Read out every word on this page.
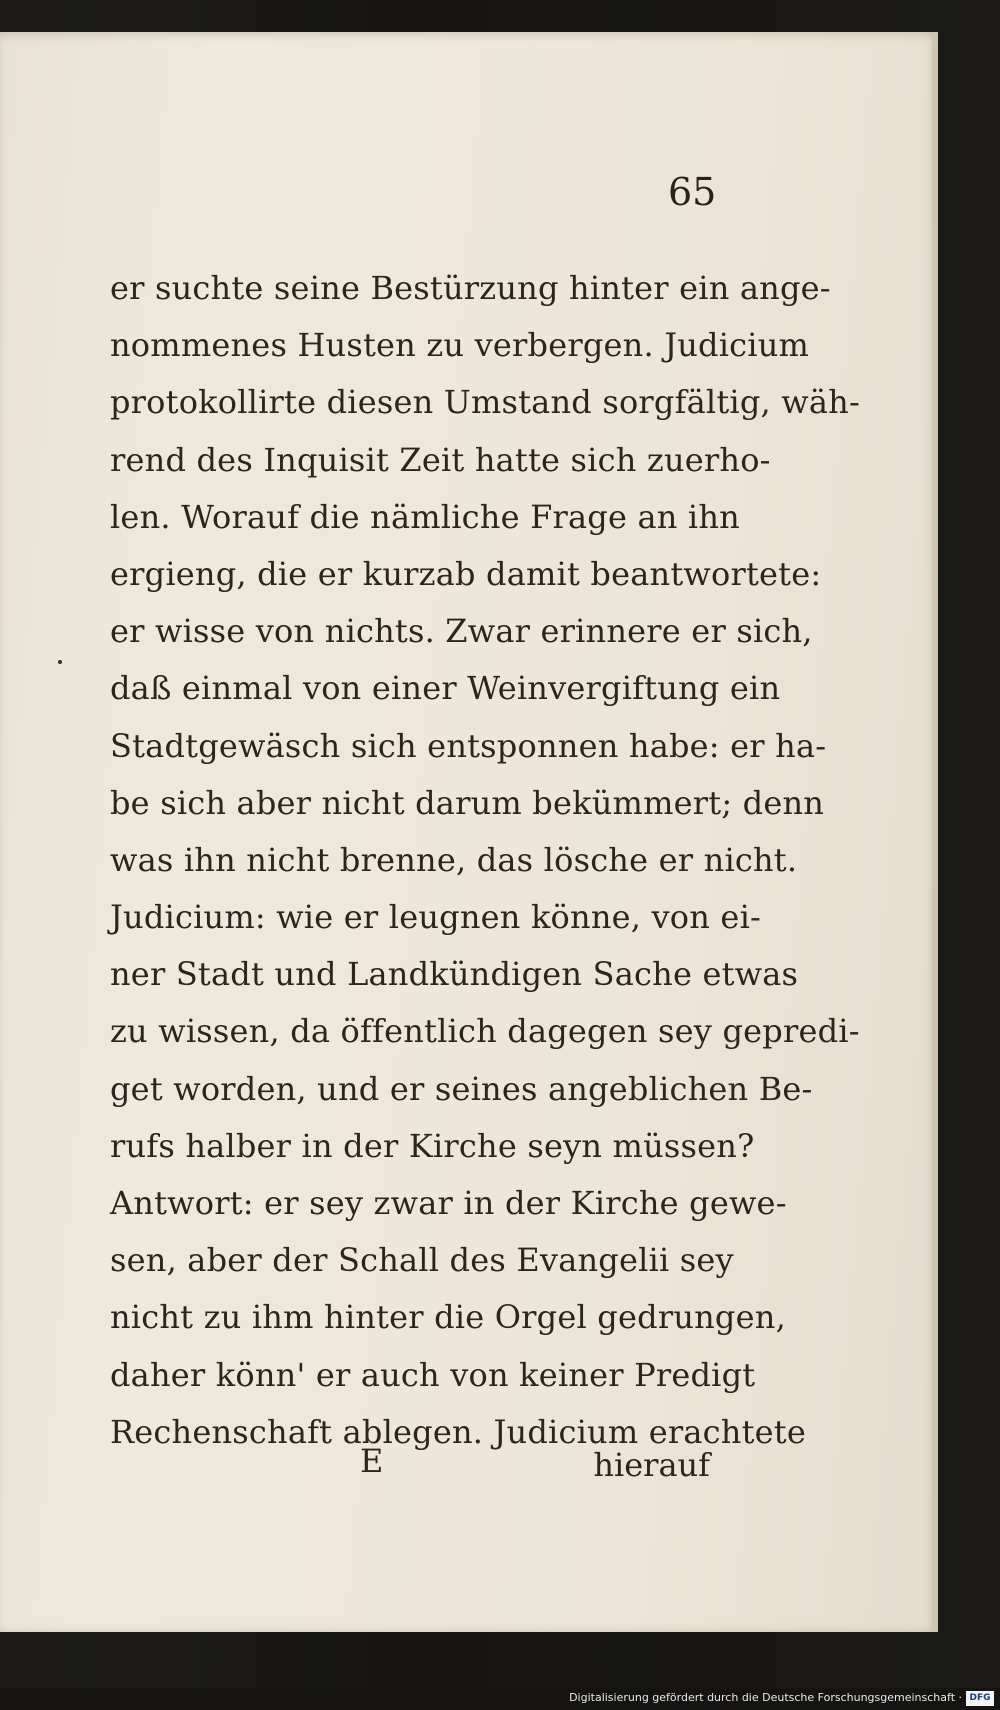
65
er suchte seine Bestürzung hinter ein ange-
nommenes Husten zu verbergen. Judicium
protokollirte diesen Umstand sorgfältig, wäh-
rend des Inquisit Zeit hatte sich zuerho-
len. Worauf die nämliche Frage an ihn
ergieng, die er kurzab damit beantwortete:
er wisse von nichts. Zwar erinnere er sich,
daß einmal von einer Weinvergiftung ein
Stadtgewäsch sich entsponnen habe: er ha-
be sich aber nicht darum bekümmert; denn
was ihn nicht brenne, das lösche er nicht.
Judicium: wie er leugnen könne, von ei-
ner Stadt und Landkündigen Sache etwas
zu wissen, da öffentlich dagegen sey gepredi-
get worden, und er seines angeblichen Be-
rufs halber in der Kirche seyn müssen?
Antwort: er sey zwar in der Kirche gewe-
sen, aber der Schall des Evangelii sey
nicht zu ihm hinter die Orgel gedrungen,
daher könn' er auch von keiner Predigt
Rechenschaft ablegen. Judicium erachtete
E	hierauf
Digitalisierung gefördert durch die Deutsche Forschungsgemeinschaft · DFG
